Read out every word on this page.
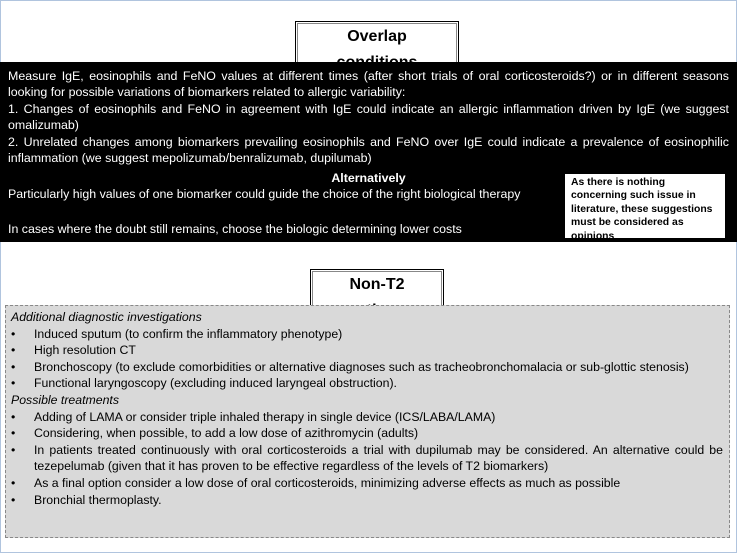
Overlap
Measure IgE, eosinophils and FeNO values at different times (after short trials of oral corticosteroids?) or in different seasons looking for possible variations of biomarkers related to allergic variability:
1. Changes of eosinophils and FeNO in agreement with IgE could indicate an allergic inflammation driven by IgE (we suggest omalizumab)
2. Unrelated changes among biomarkers prevailing eosinophils and FeNO over IgE could indicate a prevalence of eosinophilic inflammation (we suggest mepolizumab/benralizumab, dupilumab)
Alternatively
Particularly high values of one biomarker could guide the choice of the right biological therapy
In cases where the doubt still remains, choose the biologic determining lower costs
As there is nothing concerning such issue in literature, these suggestions must be considered as opinions
Non-T2
Additional diagnostic investigations
• Induced sputum (to confirm the inflammatory phenotype)
• High resolution CT
• Bronchoscopy (to exclude comorbidities or alternative diagnoses such as tracheobronchomalacia or sub-glottic stenosis)
• Functional laryngoscopy (excluding induced laryngeal obstruction).
Possible treatments
• Adding of LAMA or consider triple inhaled therapy in single device (ICS/LABA/LAMA)
• Considering, when possible, to add a low dose of azithromycin (adults)
• In patients treated continuously with oral corticosteroids a trial with dupilumab may be considered. An alternative could be tezepelumab (given that it has proven to be effective regardless of the levels of T2 biomarkers)
• As a final option consider a low dose of oral corticosteroids, minimizing adverse effects as much as possible
• Bronchial thermoplasty.
